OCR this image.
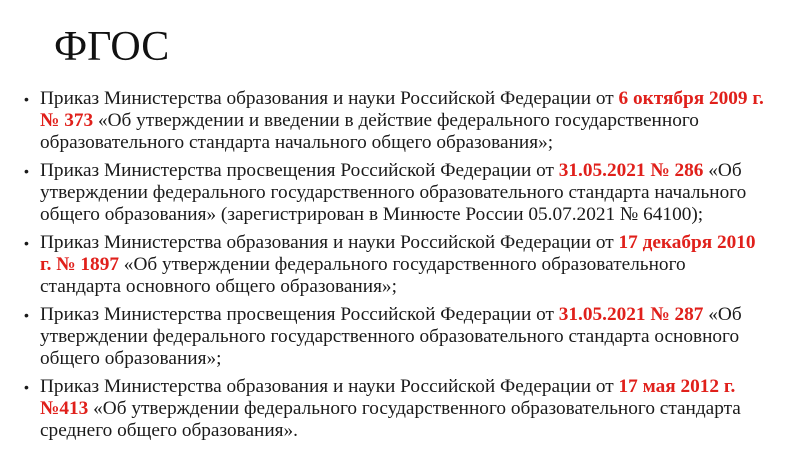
ФГОС
• Приказ Министерства образования и науки Российской Федерации от 6 октября 2009 г. № 373 «Об утверждении и введении в действие федерального государственного образовательного стандарта начального общего образования»;
• Приказ Министерства просвещения Российской Федерации от 31.05.2021 № 286 «Об утверждении федерального государственного образовательного стандарта начального общего образования» (зарегистрирован в Минюсте России 05.07.2021 № 64100);
• Приказ Министерства образования и науки Российской Федерации от 17 декабря 2010 г. № 1897 «Об утверждении федерального государственного образовательного стандарта основного общего образования»;
• Приказ Министерства просвещения Российской Федерации от 31.05.2021 № 287 «Об утверждении федерального государственного образовательного стандарта основного общего образования»;
• Приказ Министерства образования и науки Российской Федерации от 17 мая 2012 г. №413 «Об утверждении федерального государственного образовательного стандарта среднего общего образования».
